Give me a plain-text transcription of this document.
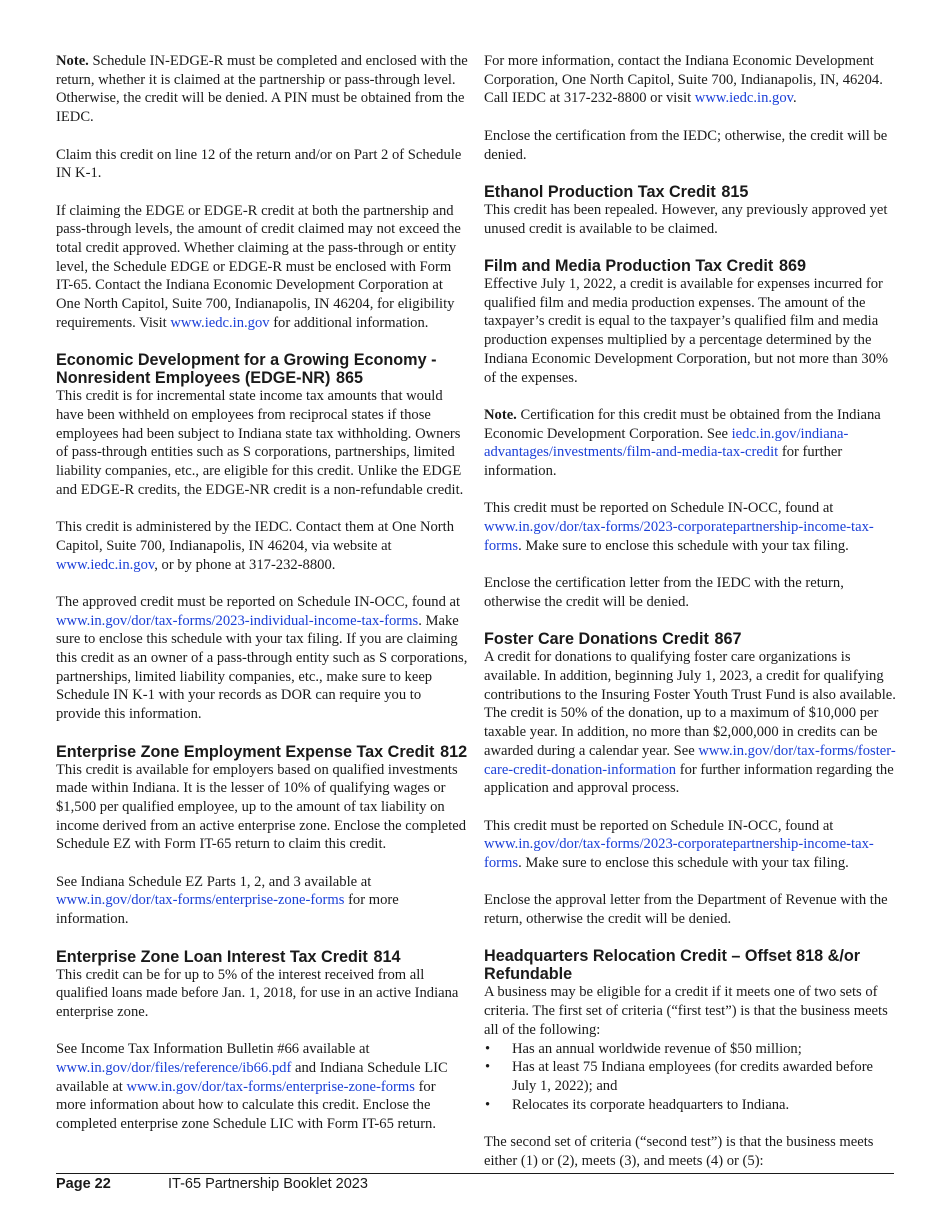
Note. Schedule IN-EDGE-R must be completed and enclosed with the return, whether it is claimed at the partnership or pass-through level. Otherwise, the credit will be denied. A PIN must be obtained from the IEDC.

Claim this credit on line 12 of the return and/or on Part 2 of Schedule IN K-1.

If claiming the EDGE or EDGE-R credit at both the partnership and pass-through levels, the amount of credit claimed may not exceed the total credit approved. Whether claiming at the pass-through or entity level, the Schedule EDGE or EDGE-R must be enclosed with Form IT-65. Contact the Indiana Economic Development Corporation at One North Capitol, Suite 700, Indianapolis, IN 46204, for eligibility requirements. Visit www.iedc.in.gov for additional information.

Economic Development for a Growing Economy - Nonresident Employees (EDGE-NR) 865

This credit is for incremental state income tax amounts that would have been withheld on employees from reciprocal states if those employees had been subject to Indiana state tax withholding. Owners of pass-through entities such as S corporations, partnerships, limited liability companies, etc., are eligible for this credit. Unlike the EDGE and EDGE-R credits, the EDGE-NR credit is a non-refundable credit.

This credit is administered by the IEDC. Contact them at One North Capitol, Suite 700, Indianapolis, IN 46204, via website at www.iedc.in.gov, or by phone at 317-232-8800.

The approved credit must be reported on Schedule IN-OCC, found at www.in.gov/dor/tax-forms/2023-individual-income-tax-forms. Make sure to enclose this schedule with your tax filing. If you are claiming this credit as an owner of a pass-through entity such as S corporations, partnerships, limited liability companies, etc., make sure to keep Schedule IN K-1 with your records as DOR can require you to provide this information.

Enterprise Zone Employment Expense Tax Credit 812

This credit is available for employers based on qualified investments made within Indiana. It is the lesser of 10% of qualifying wages or $1,500 per qualified employee, up to the amount of tax liability on income derived from an active enterprise zone. Enclose the completed Schedule EZ with Form IT-65 return to claim this credit.

See Indiana Schedule EZ Parts 1, 2, and 3 available at www.in.gov/dor/tax-forms/enterprise-zone-forms for more information.

Enterprise Zone Loan Interest Tax Credit 814

This credit can be for up to 5% of the interest received from all qualified loans made before Jan. 1, 2018, for use in an active Indiana enterprise zone.

See Income Tax Information Bulletin #66 available at www.in.gov/dor/files/reference/ib66.pdf and Indiana Schedule LIC available at www.in.gov/dor/tax-forms/enterprise-zone-forms for more information about how to calculate this credit. Enclose the completed enterprise zone Schedule LIC with Form IT-65 return.

For more information, contact the Indiana Economic Development Corporation, One North Capitol, Suite 700, Indianapolis, IN, 46204. Call IEDC at 317-232-8800 or visit www.iedc.in.gov.

Enclose the certification from the IEDC; otherwise, the credit will be denied.

Ethanol Production Tax Credit 815

This credit has been repealed. However, any previously approved yet unused credit is available to be claimed.

Film and Media Production Tax Credit 869

Effective July 1, 2022, a credit is available for expenses incurred for qualified film and media production expenses. The amount of the taxpayer’s credit is equal to the taxpayer’s qualified film and media production expenses multiplied by a percentage determined by the Indiana Economic Development Corporation, but not more than 30% of the expenses.

Note. Certification for this credit must be obtained from the Indiana Economic Development Corporation. See iedc.in.gov/indiana-advantages/investments/film-and-media-tax-credit for further information.

This credit must be reported on Schedule IN-OCC, found at www.in.gov/dor/tax-forms/2023-corporatepartnership-income-tax-forms. Make sure to enclose this schedule with your tax filing.

Enclose the certification letter from the IEDC with the return, otherwise the credit will be denied.

Foster Care Donations Credit 867

A credit for donations to qualifying foster care organizations is available. In addition, beginning July 1, 2023, a credit for qualifying contributions to the Insuring Foster Youth Trust Fund is also available. The credit is 50% of the donation, up to a maximum of $10,000 per taxable year. In addition, no more than $2,000,000 in credits can be awarded during a calendar year. See www.in.gov/dor/tax-forms/foster-care-credit-donation-information for further information regarding the application and approval process.

This credit must be reported on Schedule IN-OCC, found at www.in.gov/dor/tax-forms/2023-corporatepartnership-income-tax-forms. Make sure to enclose this schedule with your tax filing.

Enclose the approval letter from the Department of Revenue with the return, otherwise the credit will be denied.

Headquarters Relocation Credit – Offset 818 &/or Refundable

A business may be eligible for a credit if it meets one of two sets of criteria. The first set of criteria (“first test”) is that the business meets all of the following:

• Has an annual worldwide revenue of $50 million;
• Has at least 75 Indiana employees (for credits awarded before July 1, 2022); and
• Relocates its corporate headquarters to Indiana.

The second set of criteria (“second test”) is that the business meets either (1) or (2), meets (3), and meets (4) or (5):

Page 22	IT-65 Partnership Booklet 2023
